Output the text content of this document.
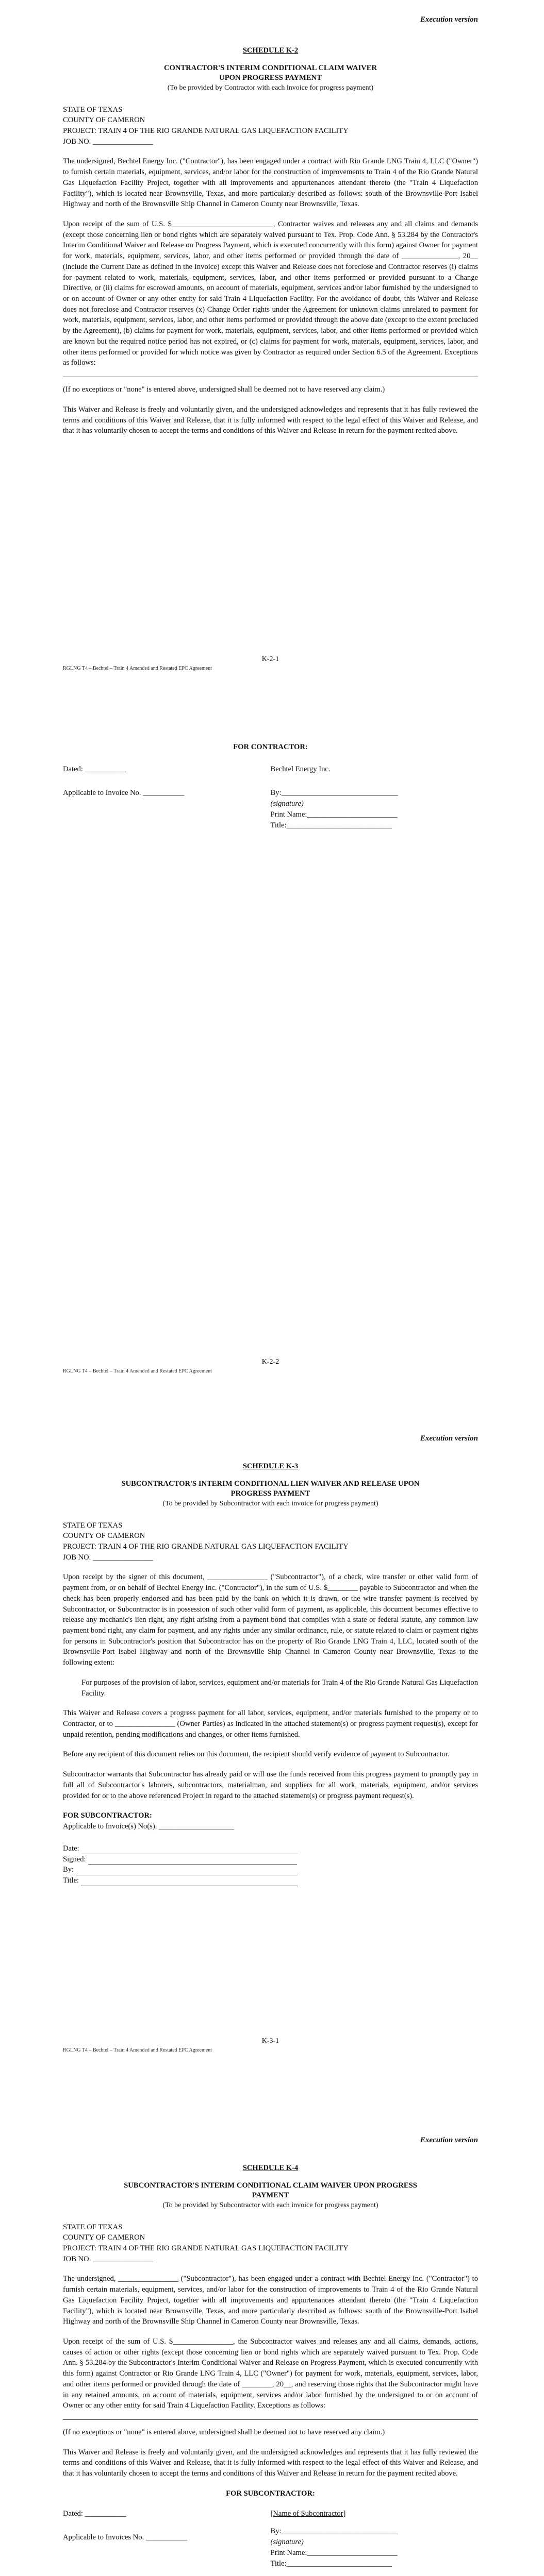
Execution version
SCHEDULE K-2
CONTRACTOR'S INTERIM CONDITIONAL CLAIM WAIVER
UPON PROGRESS PAYMENT
(To be provided by Contractor with each invoice for progress payment)
STATE OF TEXAS
COUNTY OF CAMERON
PROJECT: TRAIN 4 OF THE RIO GRANDE NATURAL GAS LIQUEFACTION FACILITY
JOB NO. ________________

The undersigned, Bechtel Energy Inc. ("Contractor"), has been engaged under a contract with Rio Grande LNG Train 4, LLC ("Owner") to furnish certain materials, equipment, services, and/or labor for the construction of improvements to Train 4 of the Rio Grande Natural Gas Liquefaction Facility Project, together with all improvements and appurtenances attendant thereto (the "Train 4 Liquefaction Facility"), which is located near Brownsville, Texas, and more particularly described as follows: south of the Brownsville-Port Isabel Highway and north of the Brownsville Ship Channel in Cameron County near Brownsville, Texas.

Upon receipt of the sum of U.S. $___________________________, Contractor waives and releases any and all claims and demands (except those concerning lien or bond rights which are separately waived pursuant to Tex. Prop. Code Ann. § 53.284 by the Contractor's Interim Conditional Waiver and Release on Progress Payment, which is executed concurrently with this form) against Owner for payment for work, materials, equipment, services, labor, and other items performed or provided through the date of _______________, 20__ (include the Current Date as defined in the Invoice) except this Waiver and Release does not foreclose and Contractor reserves (i) claims for payment related to work, materials, equipment, services, labor, and other items performed or provided pursuant to a Change Directive, or (ii) claims for escrowed amounts, on account of materials, equipment, services and/or labor furnished by the undersigned to or on account of Owner or any other entity for said Train 4 Liquefaction Facility. For the avoidance of doubt, this Waiver and Release does not foreclose and Contractor reserves (x) Change Order rights under the Agreement for unknown claims unrelated to payment for work, materials, equipment, services, labor, and other items performed or provided through the above date (except to the extent precluded by the Agreement), (b) claims for payment for work, materials, equipment, services, labor, and other items performed or provided which are known but the required notice period has not expired, or (c) claims for payment for work, materials, equipment, services, labor, and other items performed or provided for which notice was given by Contractor as required under Section 6.5 of the Agreement. Exceptions as follows:

(If no exceptions or "none" is entered above, undersigned shall be deemed not to have reserved any claim.)

This Waiver and Release is freely and voluntarily given, and the undersigned acknowledges and represents that it has fully reviewed the terms and conditions of this Waiver and Release, that it is fully informed with respect to the legal effect of this Waiver and Release, and that it has voluntarily chosen to accept the terms and conditions of this Waiver and Release in return for the payment recited above.

K-2-1
RGLNG T4 – Bechtel – Train 4 Amended and Restated EPC Agreement
FOR CONTRACTOR:
Dated: ___________
Applicable to Invoice No. ___________
Bechtel Energy Inc.
By:_______________________________
(signature)
Print Name:________________________
Title:____________________________
K-2-2
RGLNG T4 – Bechtel – Train 4 Amended and Restated EPC Agreement
Execution version
SCHEDULE K-3
SUBCONTRACTOR'S INTERIM CONDITIONAL LIEN WAIVER AND RELEASE UPON
PROGRESS PAYMENT
(To be provided by Subcontractor with each invoice for progress payment)
STATE OF TEXAS
COUNTY OF CAMERON
PROJECT: TRAIN 4 OF THE RIO GRANDE NATURAL GAS LIQUEFACTION FACILITY
JOB NO. ________________

Upon receipt by the signer of this document, ________________ ("Subcontractor"), of a check, wire transfer or other valid form of payment from, or on behalf of Bechtel Energy Inc. ("Contractor"), in the sum of U.S. $________ payable to Subcontractor and when the check has been properly endorsed and has been paid by the bank on which it is drawn, or the wire transfer payment is received by Subcontractor, or Subcontractor is in possession of such other valid form of payment, as applicable, this document becomes effective to release any mechanic's lien right, any right arising from a payment bond that complies with a state or federal statute, any common law payment bond right, any claim for payment, and any rights under any similar ordinance, rule, or statute related to claim or payment rights for persons in Subcontractor's position that Subcontractor has on the property of Rio Grande LNG Train 4, LLC, located south of the Brownsville-Port Isabel Highway and north of the Brownsville Ship Channel in Cameron County near Brownsville, Texas to the following extent:

For purposes of the provision of labor, services, equipment and/or materials for Train 4 of the Rio Grande Natural Gas Liquefaction Facility.

This Waiver and Release covers a progress payment for all labor, services, equipment, and/or materials furnished to the property or to Contractor, or to ________________ (Owner Parties) as indicated in the attached statement(s) or progress payment request(s), except for unpaid retention, pending modifications and changes, or other items furnished.

Before any recipient of this document relies on this document, the recipient should verify evidence of payment to Subcontractor.

Subcontractor warrants that Subcontractor has already paid or will use the funds received from this progress payment to promptly pay in full all of Subcontractor's laborers, subcontractors, materialman, and suppliers for all work, materials, equipment, and/or services provided for or to the above referenced Project in regard to the attached statement(s) or progress payment request(s).

FOR SUBCONTRACTOR:
Applicable to Invoice(s) No(s). ____________________
Date:
Signed:
By:
Title:
K-3-1
RGLNG T4 – Bechtel – Train 4 Amended and Restated EPC Agreement
Execution version
SCHEDULE K-4
SUBCONTRACTOR'S INTERIM CONDITIONAL CLAIM WAIVER UPON PROGRESS
PAYMENT
(To be provided by Subcontractor with each invoice for progress payment)
STATE OF TEXAS
COUNTY OF CAMERON
PROJECT: TRAIN 4 OF THE RIO GRANDE NATURAL GAS LIQUEFACTION FACILITY
JOB NO. ________________

The undersigned, ________________ ("Subcontractor"), has been engaged under a contract with Bechtel Energy Inc. ("Contractor") to furnish certain materials, equipment, services, and/or labor for the construction of improvements to Train 4 of the Rio Grande Natural Gas Liquefaction Facility Project, together with all improvements and appurtenances attendant thereto (the "Train 4 Liquefaction Facility"), which is located near Brownsville, Texas, and more particularly described as follows: south of the Brownsville-Port Isabel Highway and north of the Brownsville Ship Channel in Cameron County near Brownsville, Texas.

Upon receipt of the sum of U.S. $________________, the Subcontractor waives and releases any and all claims, demands, actions, causes of action or other rights (except those concerning lien or bond rights which are separately waived pursuant to Tex. Prop. Code Ann. § 53.284 by the Subcontractor's Interim Conditional Waiver and Release on Progress Payment, which is executed concurrently with this form) against Contractor or Rio Grande LNG Train 4, LLC ("Owner") for payment for work, materials, equipment, services, labor, and other items performed or provided through the date of ________, 20__, and reserving those rights that the Subcontractor might have in any retained amounts, on account of materials, equipment, services and/or labor furnished by the undersigned to or on account of Owner or any other entity for said Train 4 Liquefaction Facility. Exceptions as follows:

(If no exceptions or "none" is entered above, undersigned shall be deemed not to have reserved any claim.)

This Waiver and Release is freely and voluntarily given, and the undersigned acknowledges and represents that it has fully reviewed the terms and conditions of this Waiver and Release, that it is fully informed with respect to the legal effect of this Waiver and Release, and that it has voluntarily chosen to accept the terms and conditions of this Waiver and Release in return for the payment recited above.

FOR SUBCONTRACTOR:
Dated: ___________
Applicable to Invoices No. ___________
[Name of Subcontractor]
By:_______________________________
(signature)
Print Name:________________________
Title:____________________________
